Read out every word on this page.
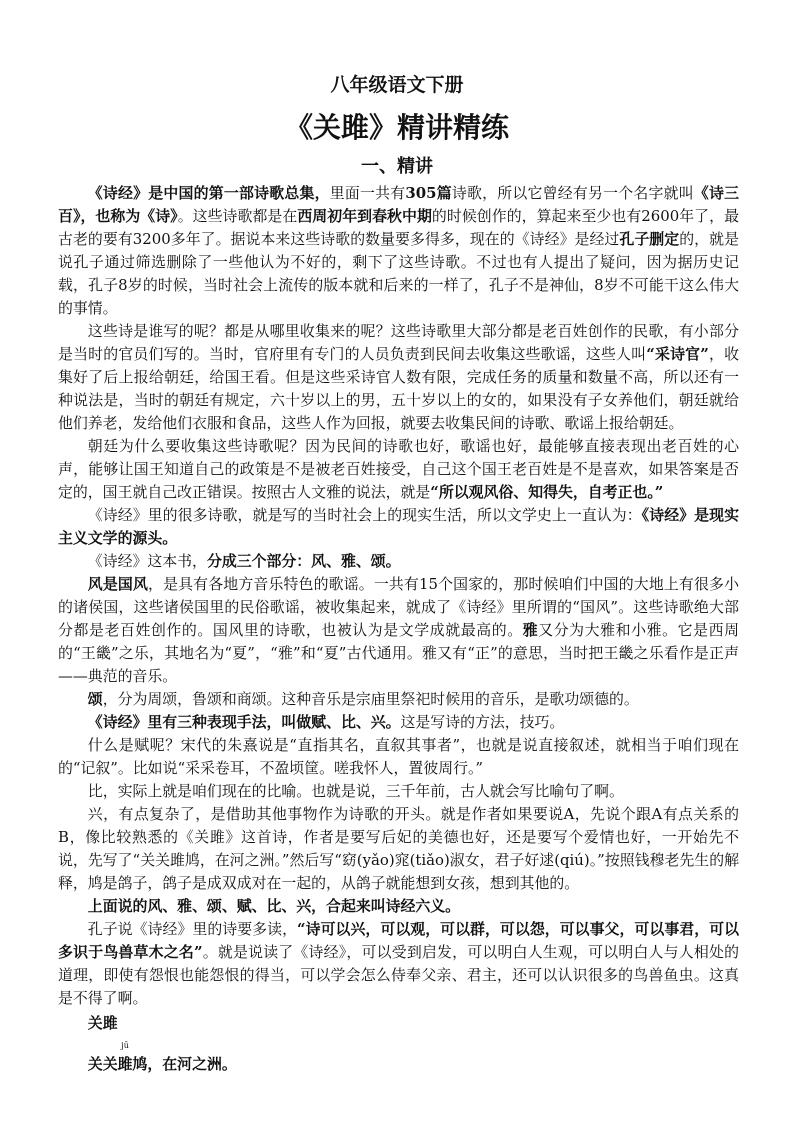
八年级语文下册
《关雎》精讲精练
一、精讲

《诗经》是中国的第一部诗歌总集，里面一共有305篇诗歌，所以它曾经有另一个名字就叫《诗三百》，也称为《诗》。这些诗歌都是在西周初年到春秋中期的时候创作的，算起来至少也有2600年了，最古老的要有3200多年了。据说本来这些诗歌的数量要多得多，现在的《诗经》是经过孔子删定的，就是说孔子通过筛选删除了一些他认为不好的，剩下了这些诗歌。不过也有人提出了疑问，因为据历史记载，孔子8岁的时候，当时社会上流传的版本就和后来的一样了，孔子不是神仙，8岁不可能干这么伟大的事情。

这些诗是谁写的呢？都是从哪里收集来的呢？这些诗歌里大部分都是老百姓创作的民歌，有小部分是当时的官员们写的。当时，官府里有专门的人员负责到民间去收集这些歌谣，这些人叫“采诗官”，收集好了后上报给朝廷，给国王看。但是这些采诗官人数有限，完成任务的质量和数量不高，所以还有一种说法是，当时的朝廷有规定，六十岁以上的男，五十岁以上的女的，如果没有子女养他们，朝廷就给他们养老，发给他们衣服和食品，这些人作为回报，就要去收集民间的诗歌、歌谣上报给朝廷。

朝廷为什么要收集这些诗歌呢？因为民间的诗歌也好，歌谣也好，最能够直接表现出老百姓的心声，能够让国王知道自己的政策是不是被老百姓接受，自己这个国王老百姓是不是喜欢，如果答案是否定的，国王就自己改正错误。按照古人文雅的说法，就是“所以观风俗、知得失，自考正也。”

《诗经》里的很多诗歌，就是写的当时社会上的现实生活，所以文学史上一直认为：《诗经》是现实主义文学的源头。

《诗经》这本书，分成三个部分：风、雅、颂。

风是国风，是具有各地方音乐特色的歌谣。一共有15个国家的，那时候咱们中国的大地上有很多小的诸侯国，这些诸侯国里的民俗歌谣，被收集起来，就成了《诗经》里所谓的“国风”。这些诗歌绝大部分都是老百姓创作的。国风里的诗歌，也被认为是文学成就最高的。雅又分为大雅和小雅。它是西周的“王畿”之乐，其地名为“夏”，“雅”和“夏”古代通用。雅又有“正”的意思，当时把王畿之乐看作是正声——典范的音乐。

颂，分为周颂，鲁颂和商颂。这种音乐是宗庙里祭祀时候用的音乐，是歌功颂德的。

《诗经》里有三种表现手法，叫做赋、比、兴。这是写诗的方法，技巧。

什么是赋呢？宋代的朱熹说是“直指其名，直叙其事者”，也就是说直接叙述，就相当于咱们现在的“记叙”。比如说“采采卷耳，不盈顷筐。嗟我怀人，置彼周行。”

比，实际上就是咱们现在的比喻。也就是说，三千年前，古人就会写比喻句了啊。

兴，有点复杂了，是借助其他事物作为诗歌的开头。就是作者如果要说A，先说个跟A有点关系的B，像比较熟悉的《关雎》这首诗，作者是要写后妃的美德也好，还是要写个爱情也好，一开始先不说，先写了“关关雎鸠，在河之洲。”然后写“窈(yǎo)窕(tiǎo)淑女，君子好逑(qiú)。”按照钱穆老先生的解释，鸠是鸽子，鸽子是成双成对在一起的，从鸽子就能想到女孩，想到其他的。

上面说的风、雅、颂、赋、比、兴，合起来叫诗经六义。

孔子说《诗经》里的诗要多读，“诗可以兴，可以观，可以群，可以怨，可以事父，可以事君，可以多识于鸟兽草木之名”。就是说读了《诗经》，可以受到启发，可以明白人生观，可以明白人与人相处的道理，即使有怨恨也能怨恨的得当，可以学会怎么侍奉父亲、君主，还可以认识很多的鸟兽鱼虫。这真是不得了啊。

关雎

关关
jū
雎鸠，在河之洲。
